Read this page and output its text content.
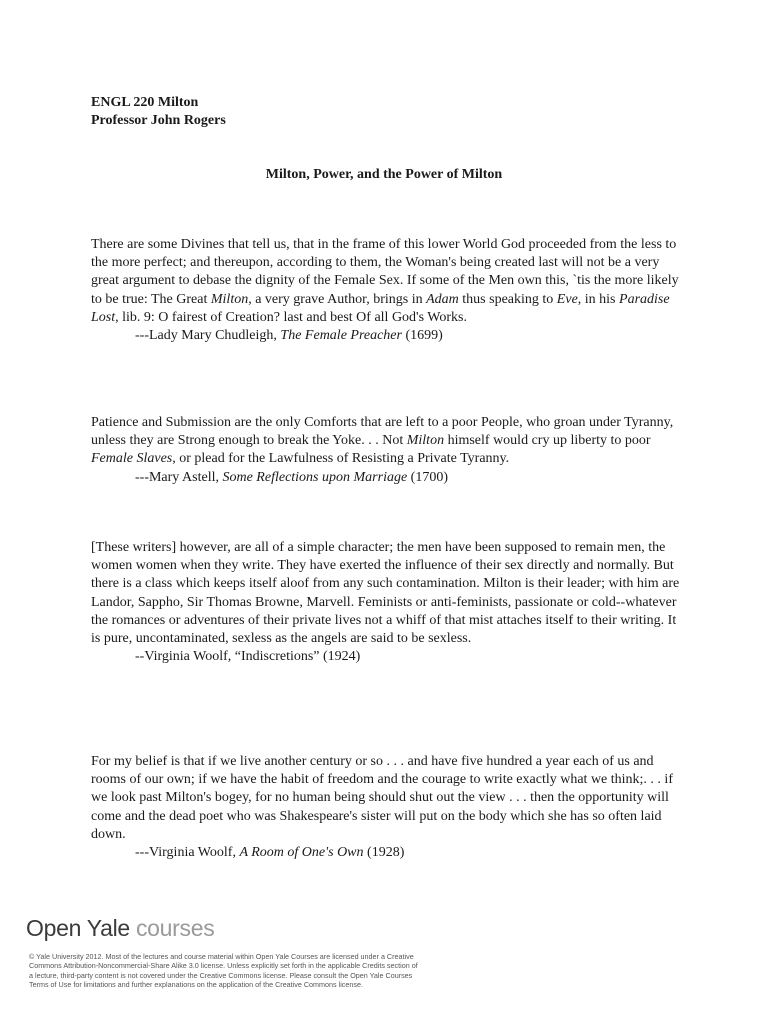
ENGL 220 Milton
Professor John Rogers
Milton, Power, and the Power of Milton

There are some Divines that tell us, that in the frame of this lower World God proceeded from the less to the more perfect; and thereupon, according to them, the Woman's being created last will not be a very great argument to debase the dignity of the Female Sex. If some of the Men own this, `tis the more likely to be true: The Great Milton, a very grave Author, brings in Adam thus speaking to Eve, in his Paradise Lost, lib. 9: O fairest of Creation? last and best Of all God's Works.

---Lady Mary Chudleigh, The Female Preacher (1699)

Patience and Submission are the only Comforts that are left to a poor People, who groan under Tyranny, unless they are Strong enough to break the Yoke. . . Not Milton himself would cry up liberty to poor Female Slaves, or plead for the Lawfulness of Resisting a Private Tyranny.

---Mary Astell, Some Reflections upon Marriage (1700)

[These writers] however, are all of a simple character; the men have been supposed to remain men, the women women when they write. They have exerted the influence of their sex directly and normally. But there is a class which keeps itself aloof from any such contamination. Milton is their leader; with him are Landor, Sappho, Sir Thomas Browne, Marvell. Feminists or anti-feminists, passionate or cold--whatever the romances or adventures of their private lives not a whiff of that mist attaches itself to their writing. It is pure, uncontaminated, sexless as the angels are said to be sexless.

--Virginia Woolf, “Indiscretions” (1924)

For my belief is that if we live another century or so . . . and have five hundred a year each of us and rooms of our own; if we have the habit of freedom and the courage to write exactly what we think;. . . if we look past Milton's bogey, for no human being should shut out the view . . . then the opportunity will come and the dead poet who was Shakespeare's sister will put on the body which she has so often laid down.

---Virginia Woolf, A Room of One's Own (1928)

Open Yale courses
© Yale University 2012. Most of the lectures and course material within Open Yale Courses are licensed under a Creative Commons Attribution-Noncommercial-Share Alike 3.0 license. Unless explicitly set forth in the applicable Credits section of a lecture, third-party content is not covered under the Creative Commons license. Please consult the Open Yale Courses Terms of Use for limitations and further explanations on the application of the Creative Commons license.
